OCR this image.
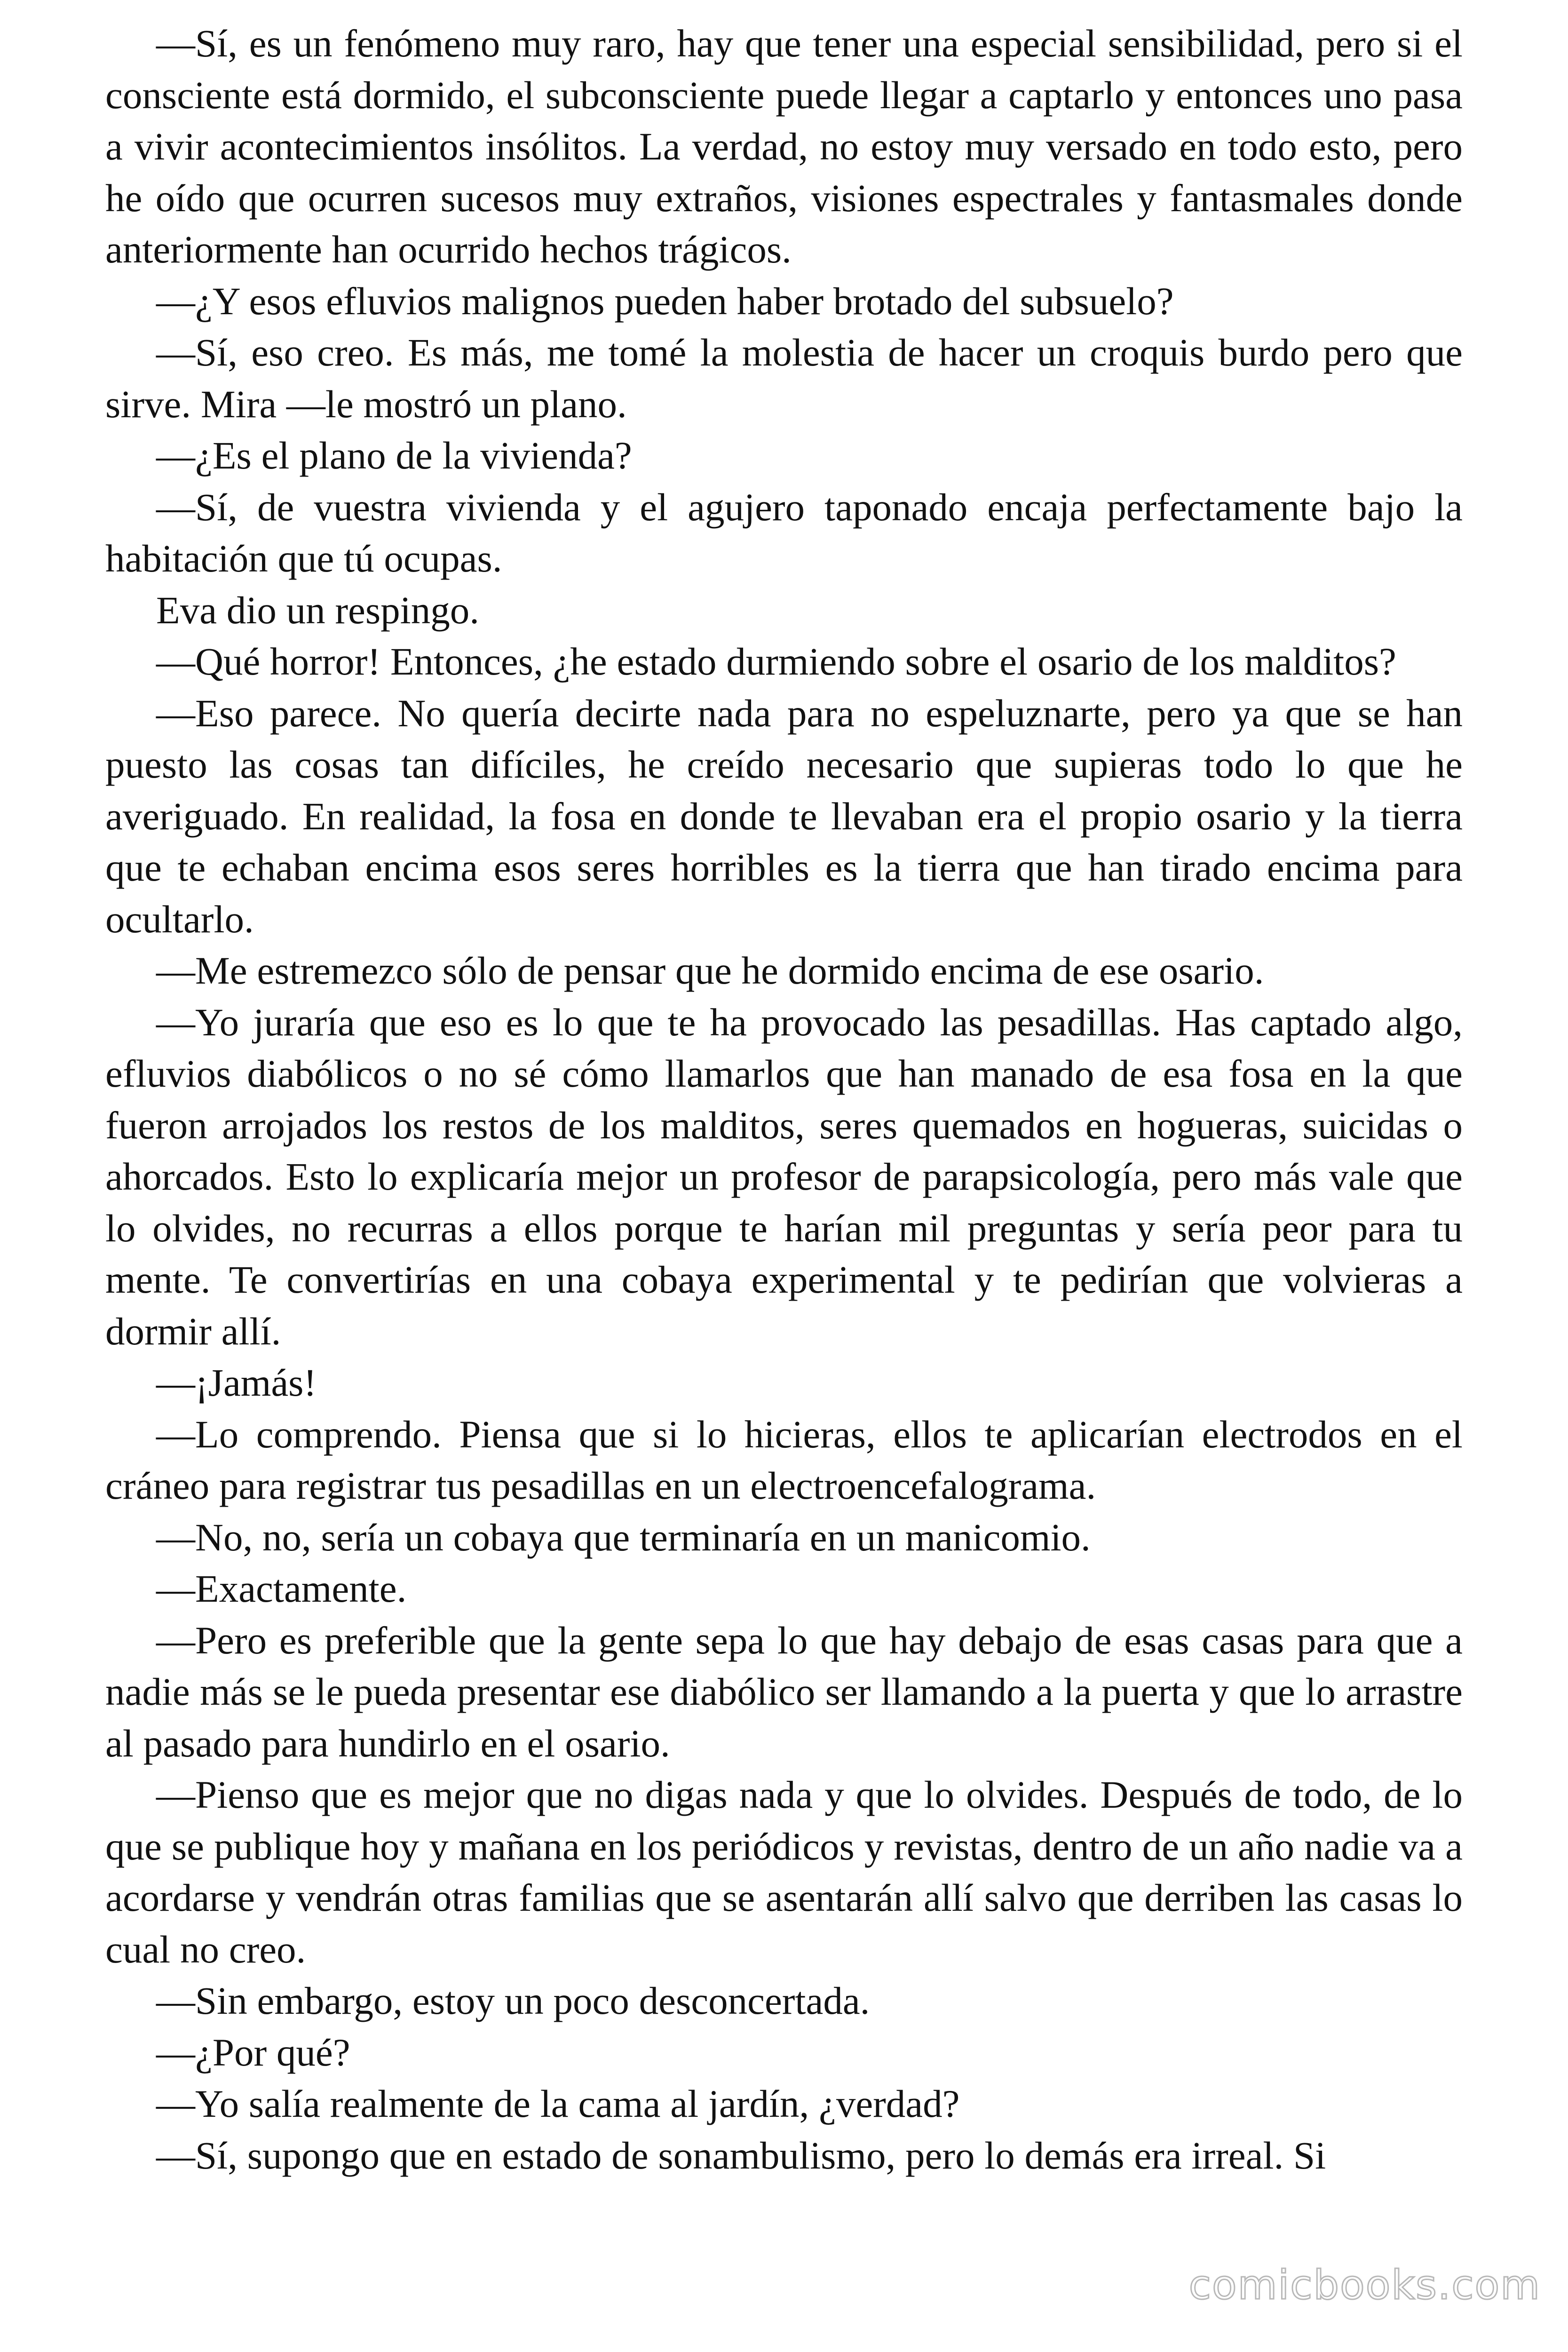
—Sí, es un fenómeno muy raro, hay que tener una especial sensibilidad, pero si el consciente está dormido, el subconsciente puede llegar a captarlo y entonces uno pasa a vivir acontecimientos insólitos. La verdad, no estoy muy versado en todo esto, pero he oído que ocurren sucesos muy extraños, visiones espectrales y fantasmales donde anteriormente han ocurrido hechos trágicos.

—¿Y esos efluvios malignos pueden haber brotado del subsuelo?

—Sí, eso creo. Es más, me tomé la molestia de hacer un croquis burdo pero que sirve. Mira —le mostró un plano.

—¿Es el plano de la vivienda?

—Sí, de vuestra vivienda y el agujero taponado encaja perfectamente bajo la habitación que tú ocupas.

Eva dio un respingo.

—Qué horror! Entonces, ¿he estado durmiendo sobre el osario de los malditos?

—Eso parece. No quería decirte nada para no espeluznarte, pero ya que se han puesto las cosas tan difíciles, he creído necesario que supieras todo lo que he averiguado. En realidad, la fosa en donde te llevaban era el propio osario y la tierra que te echaban encima esos seres horribles es la tierra que han tirado encima para ocultarlo.

—Me estremezco sólo de pensar que he dormido encima de ese osario.

—Yo juraría que eso es lo que te ha provocado las pesadillas. Has captado algo, efluvios diabólicos o no sé cómo llamarlos que han manado de esa fosa en la que fueron arrojados los restos de los malditos, seres quemados en hogueras, suicidas o ahorcados. Esto lo explicaría mejor un profesor de parapsicología, pero más vale que lo olvides, no recurras a ellos porque te harían mil preguntas y sería peor para tu mente. Te convertirías en una cobaya experimental y te pedirían que volvieras a dormir allí.

—¡Jamás!

—Lo comprendo. Piensa que si lo hicieras, ellos te aplicarían electrodos en el cráneo para registrar tus pesadillas en un electroencefalograma.

—No, no, sería un cobaya que terminaría en un manicomio.

—Exactamente.

—Pero es preferible que la gente sepa lo que hay debajo de esas casas para que a nadie más se le pueda presentar ese diabólico ser llamando a la puerta y que lo arrastre al pasado para hundirlo en el osario.

—Pienso que es mejor que no digas nada y que lo olvides. Después de todo, de lo que se publique hoy y mañana en los periódicos y revistas, dentro de un año nadie va a acordarse y vendrán otras familias que se asentarán allí salvo que derriben las casas lo cual no creo.

—Sin embargo, estoy un poco desconcertada.

—¿Por qué?

—Yo salía realmente de la cama al jardín, ¿verdad?

—Sí, supongo que en estado de sonambulismo, pero lo demás era irreal. Si

comicbooks.com
